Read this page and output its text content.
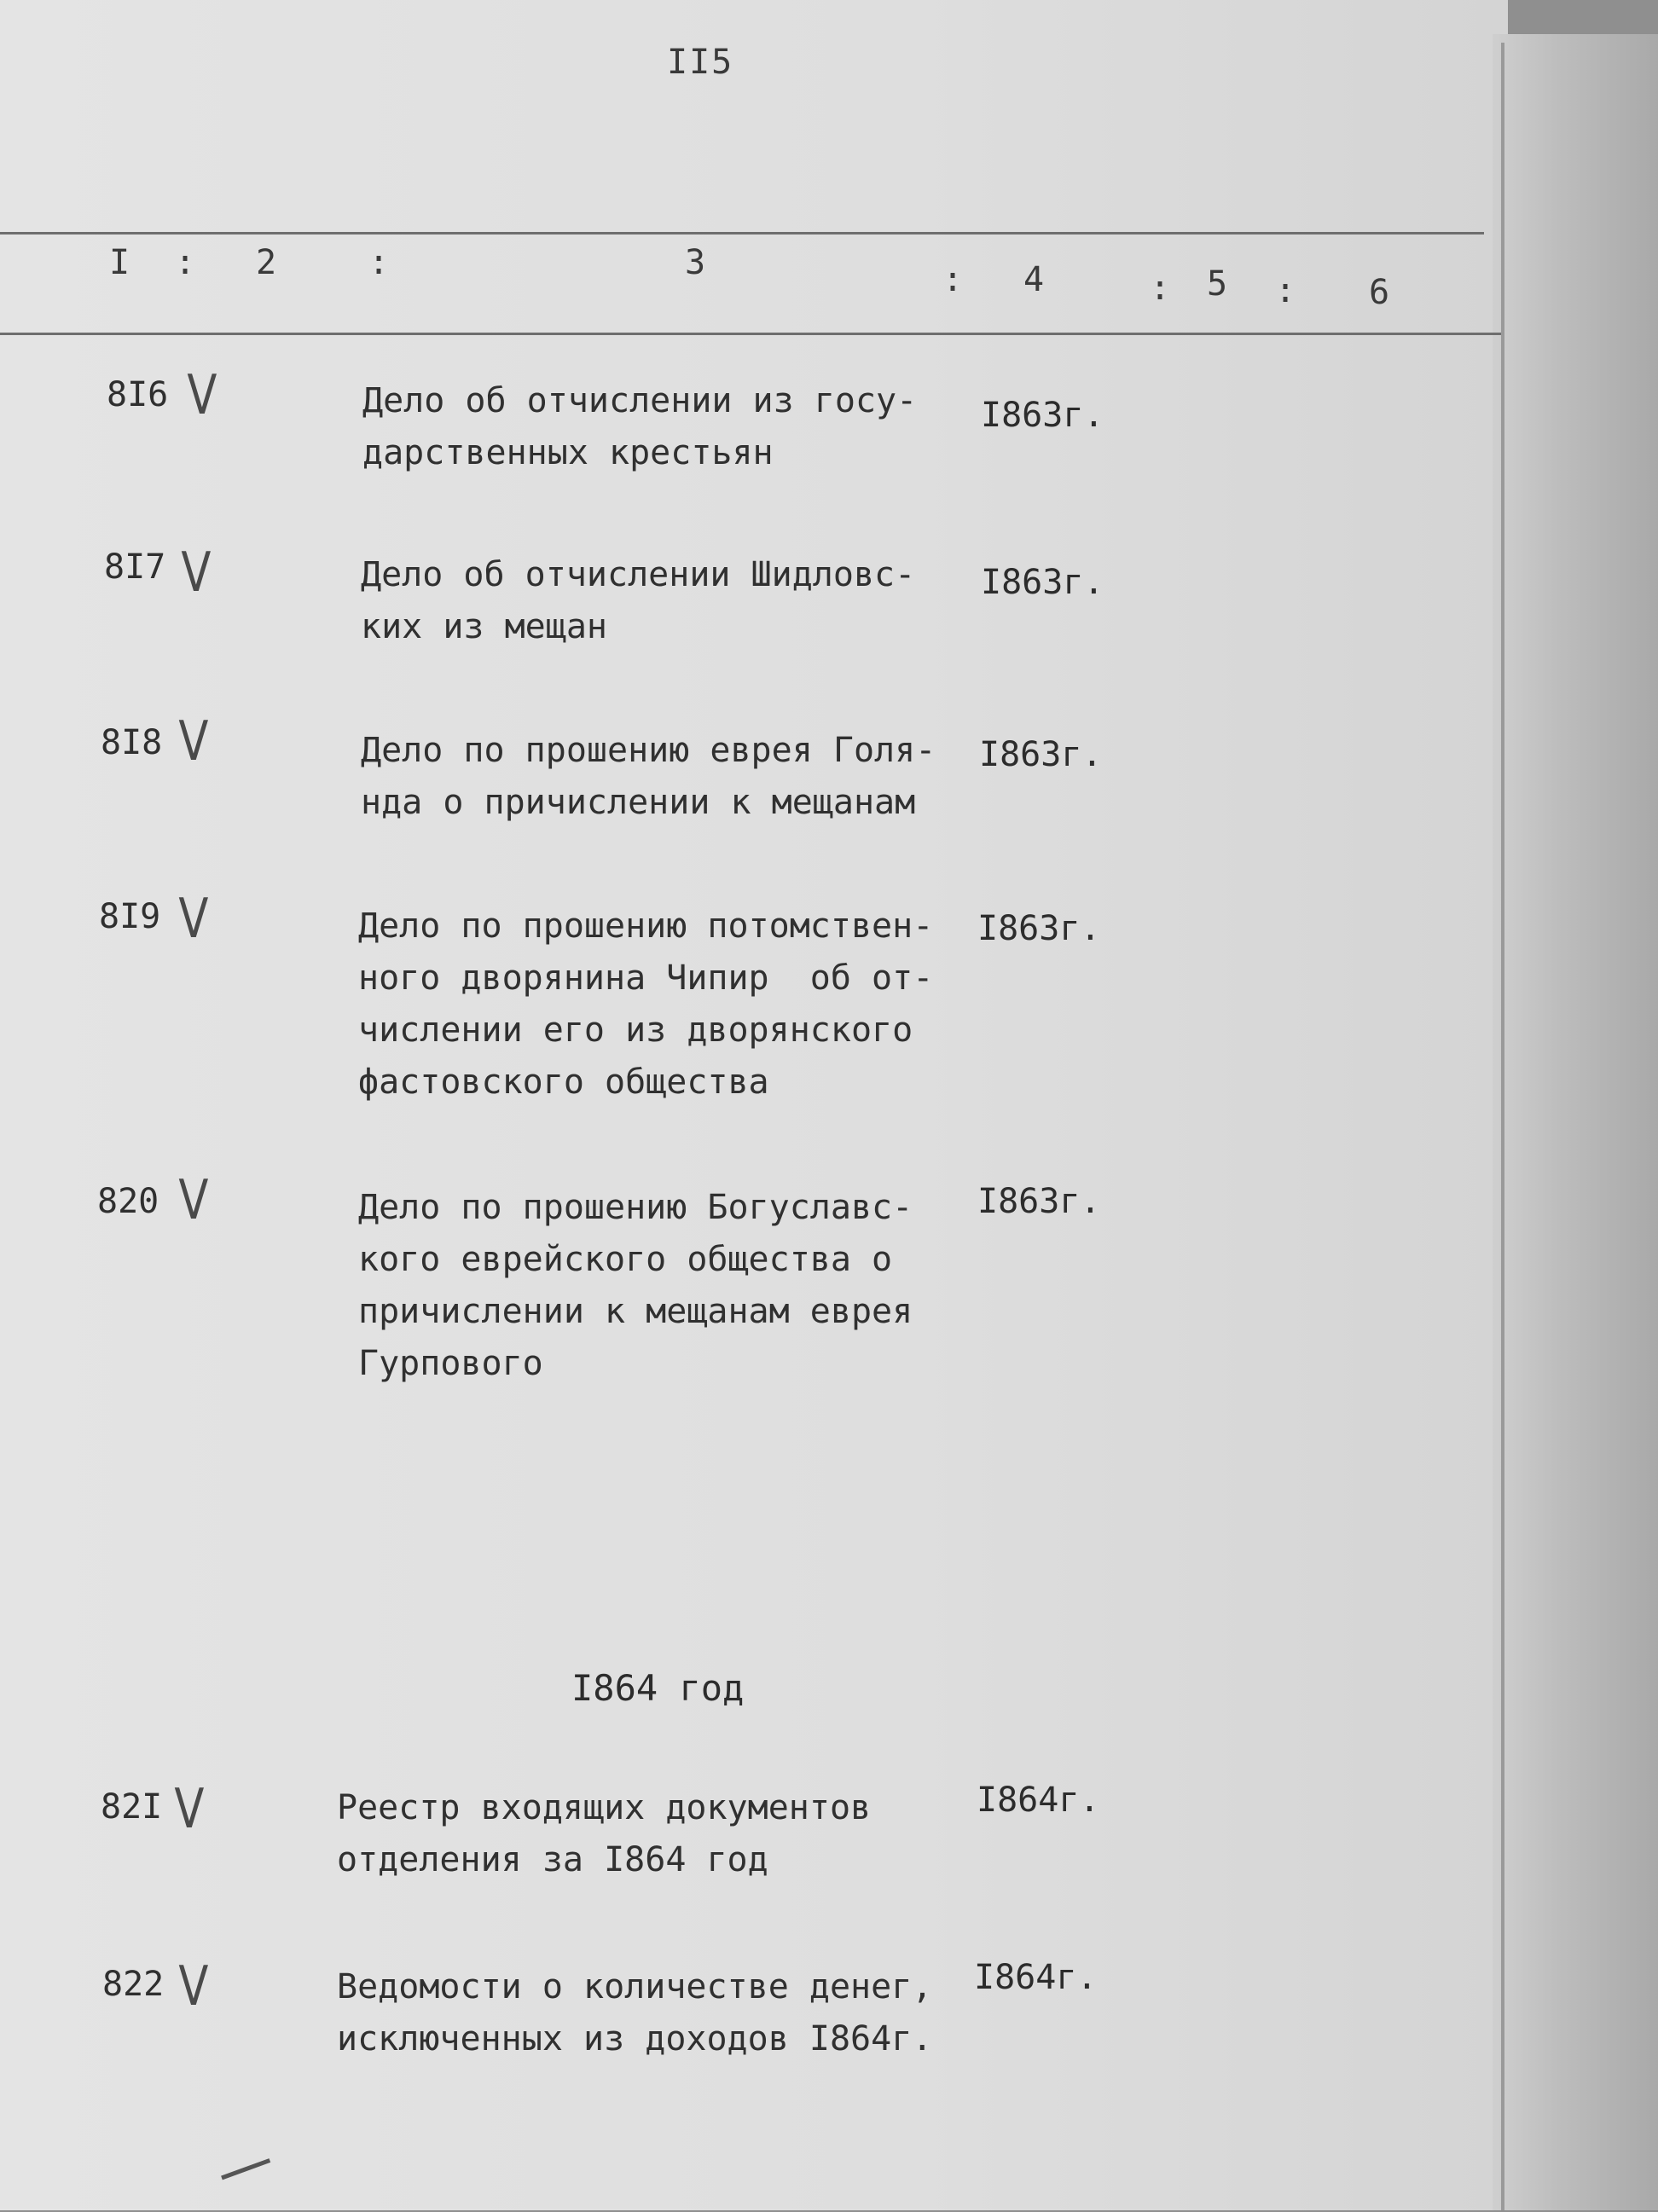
II5
I : 2	:	3	: 4	: 5 : 6
8I6 V	Дело об отчислении из госу-
дарственных крестьян
I863г.
8I7 V	Дело об отчислении Шидловс-
ких из мещан
I863г.
8I8 V	Дело по прошению еврея Голя-
нда о причислении к мещанам
I863г.
8I9 V	Дело по прошению потомствен-
ного дворянина Чипир  об от-
числении его из дворянского
фастовского общества
I863г.
820 V	Дело по прошению Богуславс-
кого еврейского общества о
причислении к мещанам еврея
Гурпового
I863г.
I864 год
82I V	Реестр входящих документов
отделения за I864 год
I864г.
822 V	Ведомости о количестве денег,
исключенных из доходов I864г.
I864г.
